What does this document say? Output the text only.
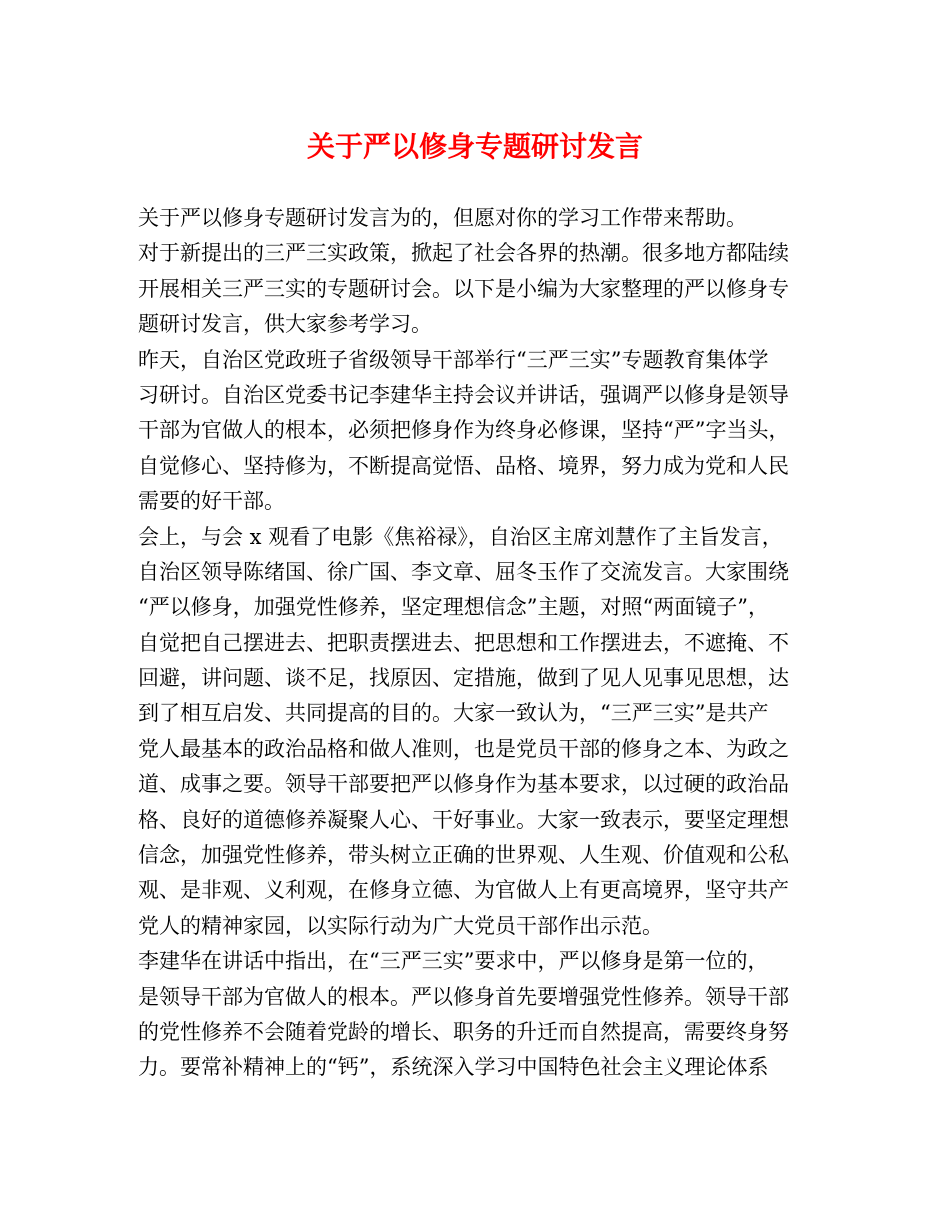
关于严以修身专题研讨发言
关于严以修身专题研讨发言为的，但愿对你的学习工作带来帮助。
对于新提出的三严三实政策，掀起了社会各界的热潮。很多地方都陆续
开展相关三严三实的专题研讨会。以下是小编为大家整理的严以修身专
题研讨发言，供大家参考学习。
昨天，自治区党政班子省级领导干部举行“三严三实”专题教育集体学
习研讨。自治区党委书记李建华主持会议并讲话，强调严以修身是领导
干部为官做人的根本，必须把修身作为终身必修课，坚持“严”字当头，
自觉修心、坚持修为，不断提高觉悟、品格、境界，努力成为党和人民
需要的好干部。
会上，与会 x 观看了电影《焦裕禄》，自治区主席刘慧作了主旨发言，
自治区领导陈绪国、徐广国、李文章、屈冬玉作了交流发言。大家围绕
“严以修身，加强党性修养，坚定理想信念”主题，对照“两面镜子”，
自觉把自己摆进去、把职责摆进去、把思想和工作摆进去，不遮掩、不
回避，讲问题、谈不足，找原因、定措施，做到了见人见事见思想，达
到了相互启发、共同提高的目的。大家一致认为，“三严三实”是共产
党人最基本的政治品格和做人准则，也是党员干部的修身之本、为政之
道、成事之要。领导干部要把严以修身作为基本要求，以过硬的政治品
格、良好的道德修养凝聚人心、干好事业。大家一致表示，要坚定理想
信念，加强党性修养，带头树立正确的世界观、人生观、价值观和公私
观、是非观、义利观，在修身立德、为官做人上有更高境界，坚守共产
党人的精神家园，以实际行动为广大党员干部作出示范。
李建华在讲话中指出，在“三严三实”要求中，严以修身是第一位的，
是领导干部为官做人的根本。严以修身首先要增强党性修养。领导干部
的党性修养不会随着党龄的增长、职务的升迁而自然提高，需要终身努
力。要常补精神上的“钙”，系统深入学习中国特色社会主义理论体系
